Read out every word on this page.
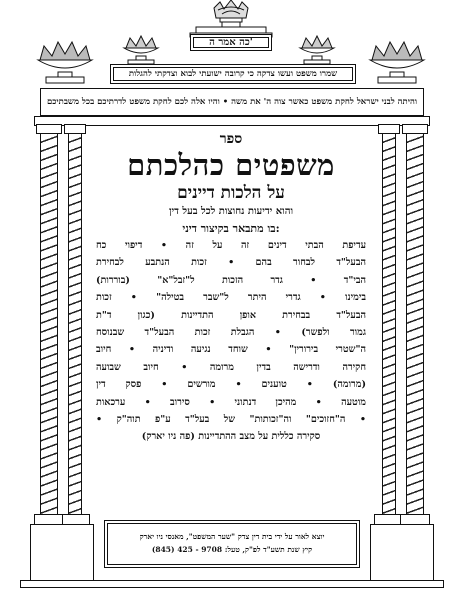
כה אמר ה'
שמרו משפט ועשו צדקה כי קרובה ישועתי לבוא וצדקתי להגלות
והיתה לבני ישראל לחקת משפט כאשר צוה ה' את משה • והיו אלה לכם לחקת משפט לדרתיכם בכל משבתיכם
ספר
משפטים כהלכתם
על הלכות דיינים
והוא ידיעות נחוצות לכל בעל דין
בו מתבאר בקיצור דיני:
עדיפת הבתי דינים זה על זה • דיפוי כח
הבעל"ד לבחור בהם • זכות הנתבע לבחירת
הבי"ד • גדר הזכות ל"זבל"א" (בוררות)
בימינו • גדרי היתר ל"שבר בטילה" • זכות
הבעל"ד בבחירת אופן התדיינות (כגון ד"ת
גמור ולפשר) • הגבלת זכות הבעל"ד שבנוסח
ה"שטרי בירורין" • שוחד נגיעה ודיניה • חיוב
חקירה ודרישה בדין מרומה • חיוב שבועה
(מרומה) • טוענים • מורשים • פסק דין
מוטעה • מהיכן דנתוני • סירוב • ערכאות
• ה"חזוכים" וה"זכותות" של בעל"ד ע"פ תוה"ק •
סקירה כללית על מצב ההתדיינות (פה ניו יארק)
יוצא לאור על ידי בית דין צדק "שער המשפט", מאנסי ניו יארק
קיץ שנת תשע"ד לפ"ק, טעל: 9708 - 425 (845)
